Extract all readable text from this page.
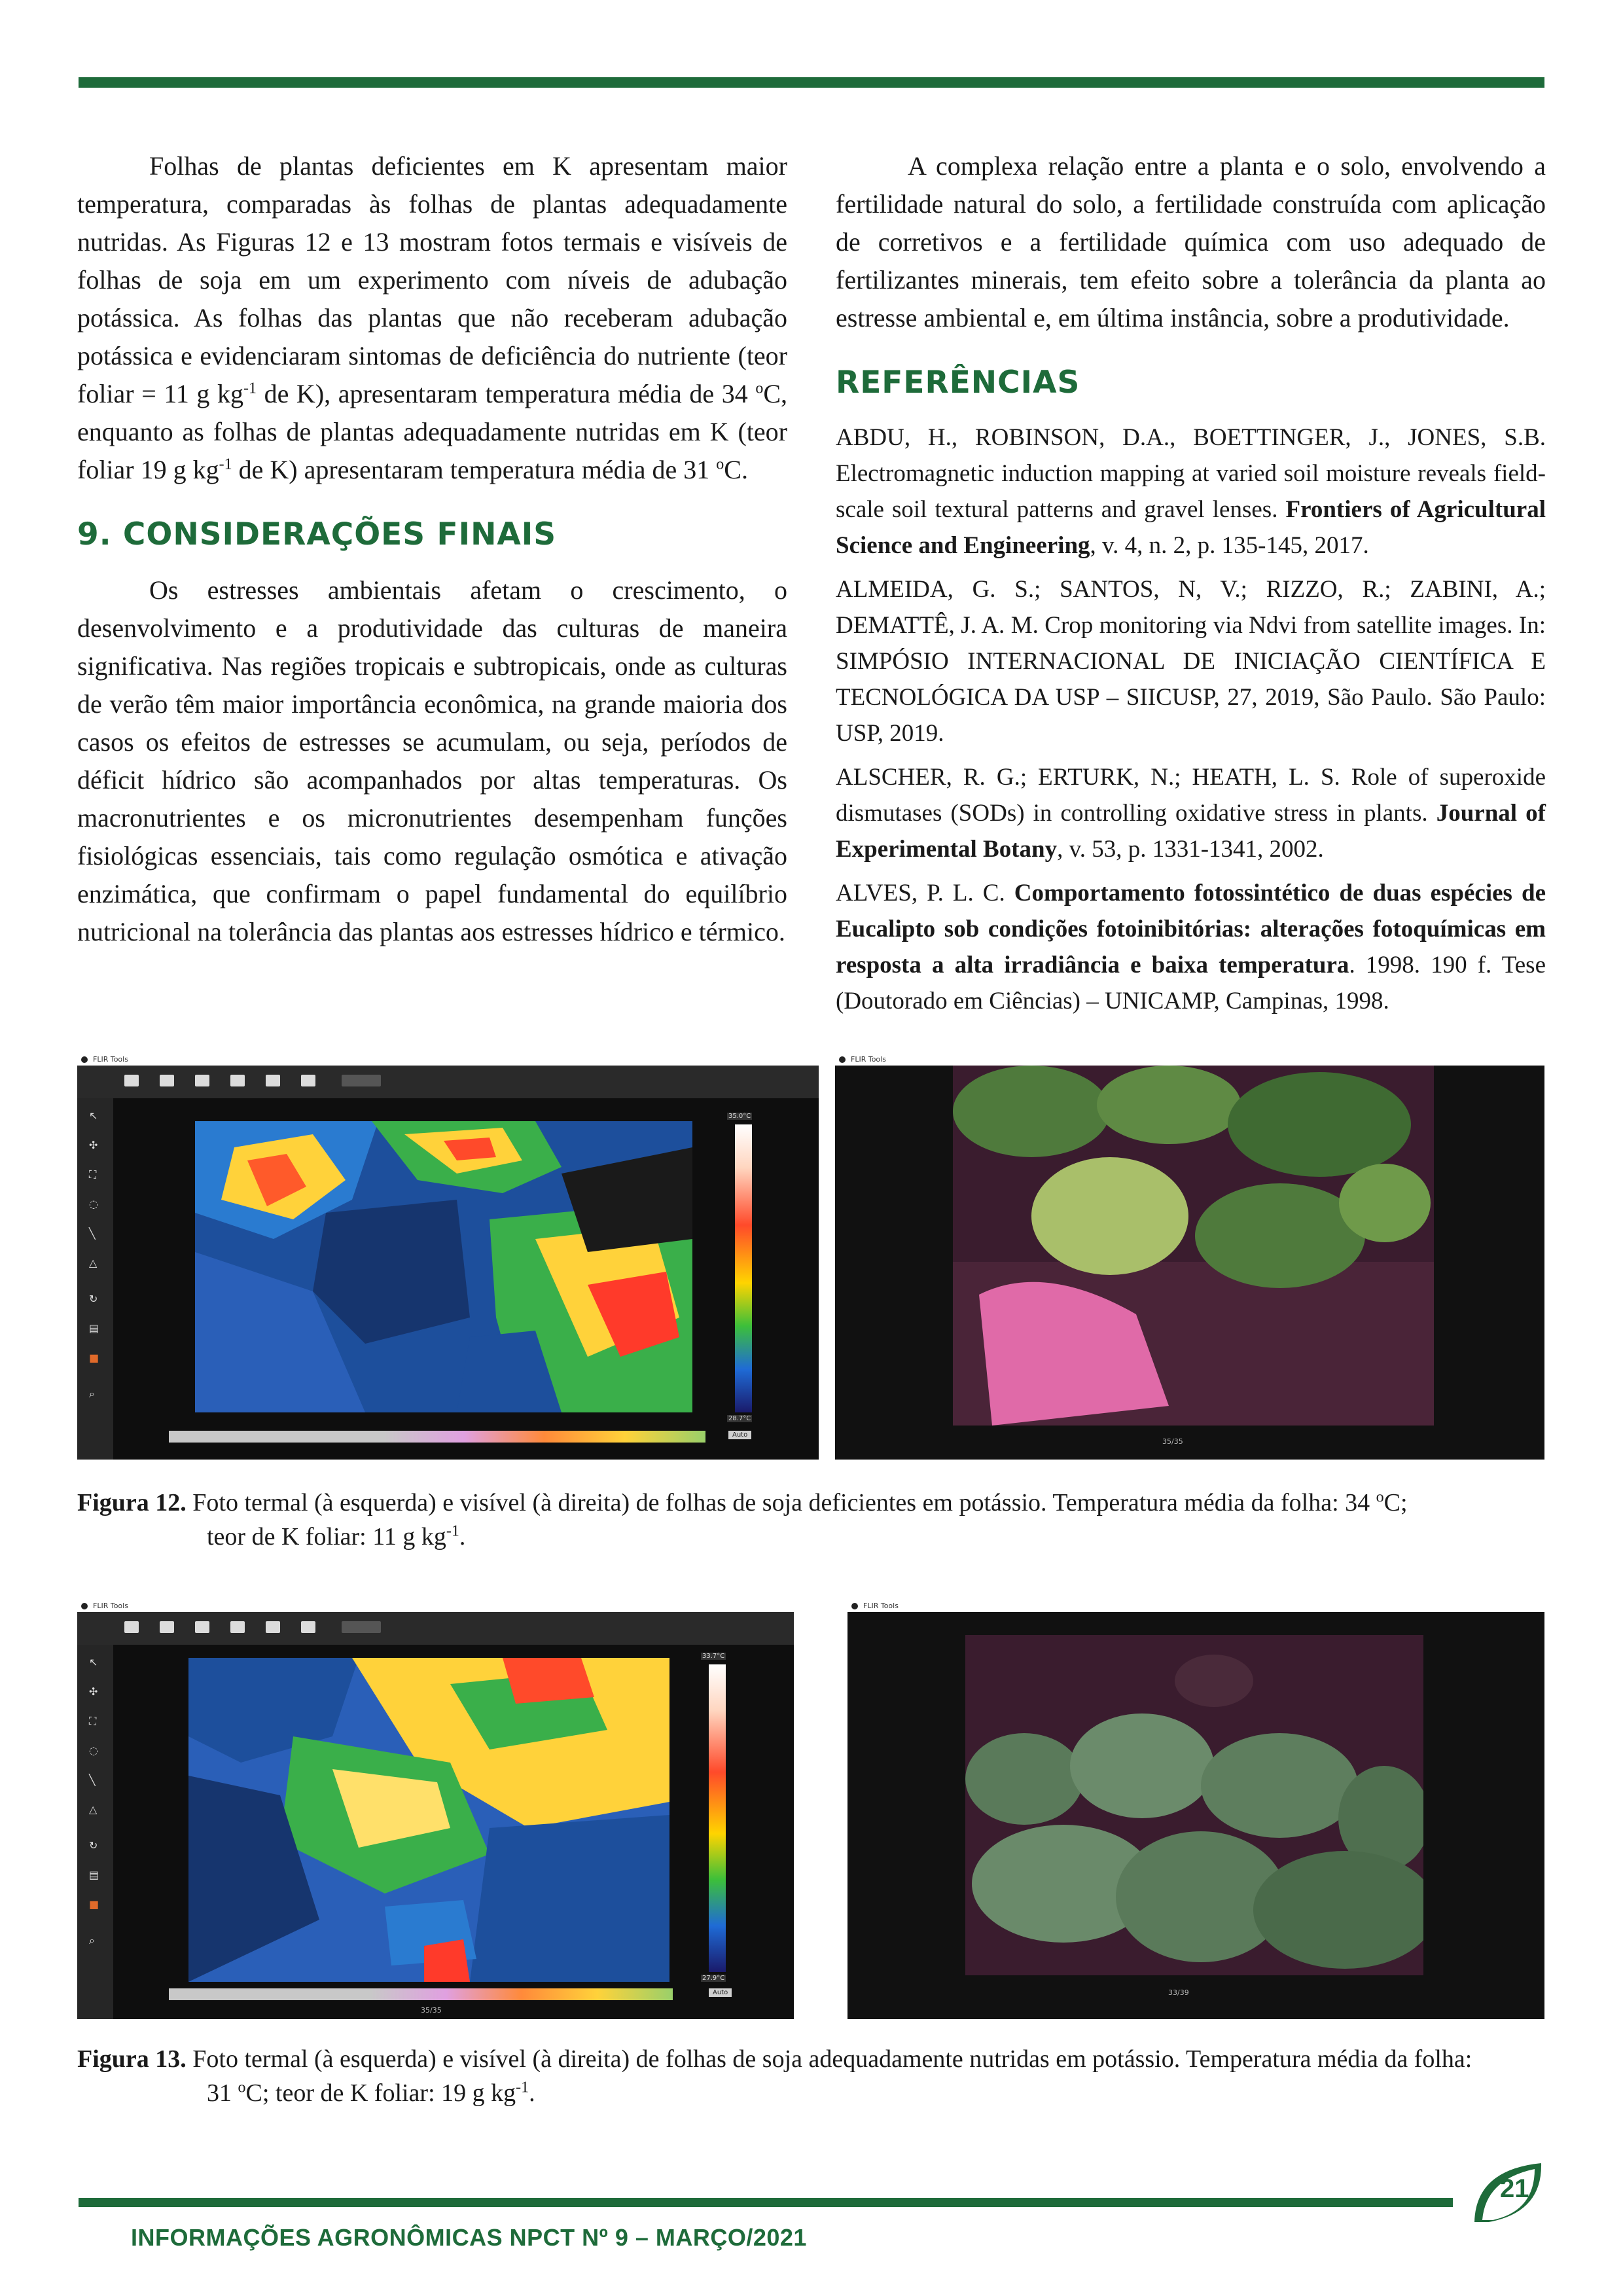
Folhas de plantas deficientes em K apresentam maior temperatura, comparadas às folhas de plantas adequadamente nutridas. As Figuras 12 e 13 mostram fotos termais e visíveis de folhas de soja em um experimento com níveis de adubação potássica. As folhas das plantas que não receberam adubação potássica e evidenciaram sintomas de deficiência do nutriente (teor foliar = 11 g $kg^{-1}$ de K), apresentaram temperatura média de 34 $^o$C, enquanto as folhas de plantas adequadamente nutridas em K (teor foliar 19 g $kg^{-1}$ de K) apresentaram temperatura média de 31 $^o$C.

9. CONSIDERAÇÕES FINAIS

Os estresses ambientais afetam o crescimento, o desenvolvimento e a produtividade das culturas de maneira significativa. Nas regiões tropicais e subtropicais, onde as culturas de verão têm maior importância econômica, na grande maioria dos casos os efeitos de estresses se acumulam, ou seja, períodos de déficit hídrico são acompanhados por altas temperaturas. Os macronutrientes e os micronutrientes desempenham funções fisiológicas essenciais, tais como regulação osmótica e ativação enzimática, que confirmam o papel fundamental do equilíbrio nutricional na tolerância das plantas aos estresses hídrico e térmico.

A complexa relação entre a planta e o solo, envolvendo a fertilidade natural do solo, a fertilidade construída com aplicação de corretivos e a fertilidade química com uso adequado de fertilizantes minerais, tem efeito sobre a tolerância da planta ao estresse ambiental e, em última instância, sobre a produtividade.

REFERÊNCIAS

ABDU, H., ROBINSON, D.A., BOETTINGER, J., JONES, S.B. Electromagnetic induction mapping at varied soil moisture reveals field-scale soil textural patterns and gravel lenses. Frontiers of Agricultural Science and Engineering, v. 4, n. 2, p. 135-145, 2017.

ALMEIDA, G. S.; SANTOS, N, V.; RIZZO, R.; ZABINI, A.; DEMATTÊ, J. A. M. Crop monitoring via Ndvi from satellite images. In: SIMPÓSIO INTERNACIONAL DE INICIAÇÃO CIENTÍFICA E TECNOLÓGICA DA USP – SIICUSP, 27, 2019, São Paulo. São Paulo: USP, 2019.

ALSCHER, R. G.; ERTURK, N.; HEATH, L. S. Role of superoxide dismutases (SODs) in controlling oxidative stress in plants. Journal of Experimental Botany, v. 53, p. 1331-1341, 2002.

ALVES, P. L. C. Comportamento fotossintético de duas espécies de Eucalipto sob condições fotoinibitórias: alterações fotoquímicas em resposta a alta irradiância e baixa temperatura. 1998. 190 f. Tese (Doutorado em Ciências) – UNICAMP, Campinas, 1998.

FLIR Tools
↖
✣
⛶
◌
╲
△
↻
▤
■
⌕
35.0°C
28.7°C
Auto
FLIR Tools
35/35
Figura 12. Foto termal (à esquerda) e visível (à direita) de folhas de soja deficientes em potássio. Temperatura média da folha: 34 $^o$C;
teor de K foliar: 11 g $kg^{-1}$.
FLIR Tools
↖
✣
⛶
◌
╲
△
↻
▤
■
⌕
33.7°C
27.9°C
Auto
35/35
FLIR Tools
33/39
Figura 13. Foto termal (à esquerda) e visível (à direita) de folhas de soja adequadamente nutridas em potássio. Temperatura média da folha:
31 $^o$C; teor de K foliar: 19 g $kg^{-1}$.
21
INFORMAÇÕES AGRONÔMICAS NPCT Nº 9 – MARÇO/2021
